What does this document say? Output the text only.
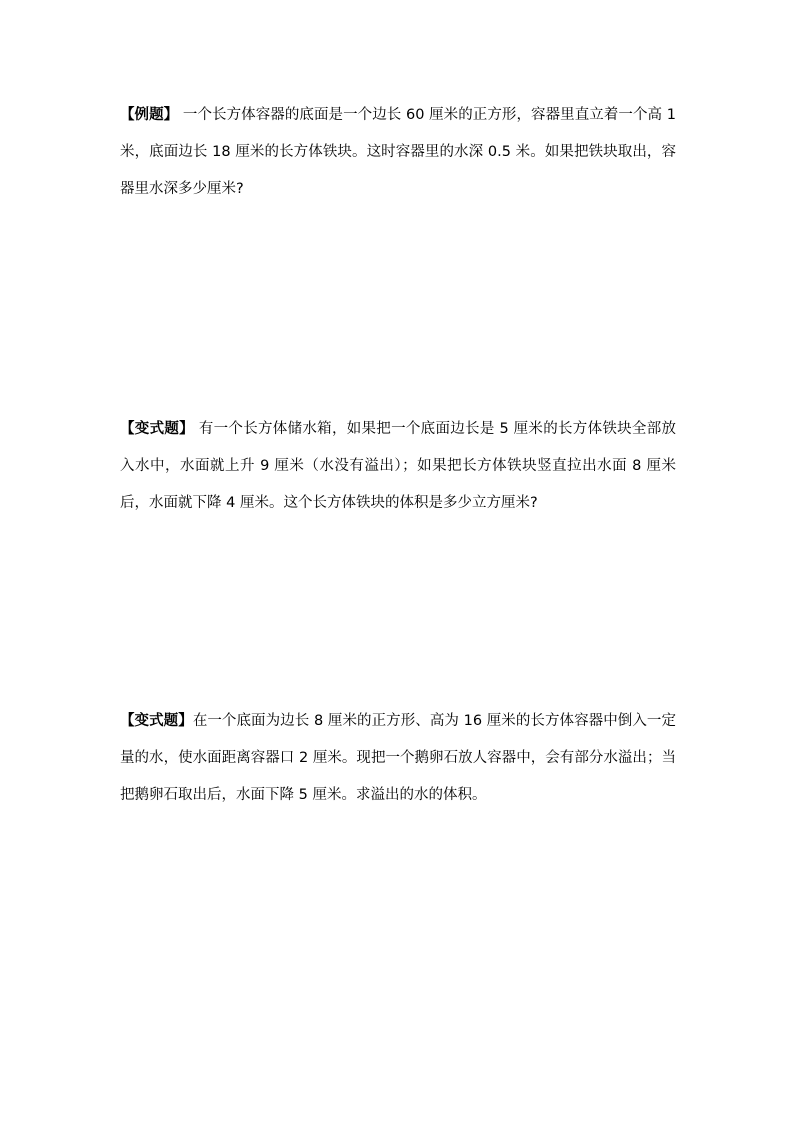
【例题】 一个长方体容器的底面是一个边长 60 厘米的正方形，容器里直立着一个高 1 米，底面边长 18 厘米的长方体铁块。这时容器里的水深 0.5 米。如果把铁块取出，容器里水深多少厘米?

【变式题】 有一个长方体储水箱，如果把一个底面边长是 5 厘米的长方体铁块全部放入水中，水面就上升 9 厘米（水没有溢出）；如果把长方体铁块竖直拉出水面 8 厘米后，水面就下降 4 厘米。这个长方体铁块的体积是多少立方厘米?

【变式题】在一个底面为边长 8 厘米的正方形、高为 16 厘米的长方体容器中倒入一定量的水，使水面距离容器口 2 厘米。现把一个鹅卵石放人容器中，会有部分水溢出；当把鹅卵石取出后，水面下降 5 厘米。求溢出的水的体积。
